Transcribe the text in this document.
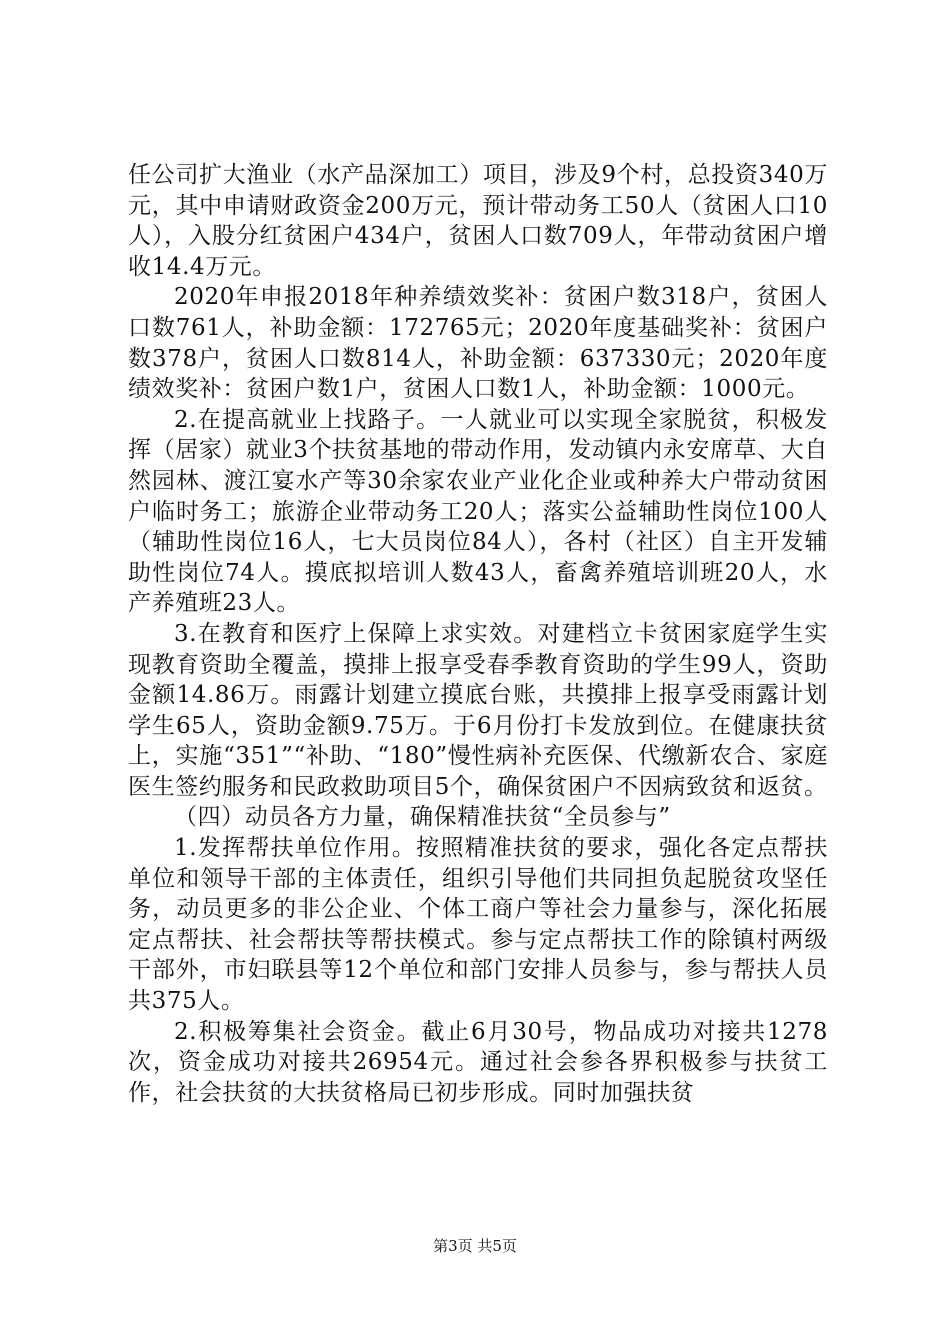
任公司扩大渔业（水产品深加工）项目，涉及9个村，总投资340万元，其中申请财政资金200万元，预计带动务工50人（贫困人口10人），入股分红贫困户434户，贫困人口数709人，年带动贫困户增收14.4万元。

2020年申报2018年种养绩效奖补：贫困户数318户，贫困人口数761人，补助金额：172765元；2020年度基础奖补：贫困户数378户，贫困人口数814人，补助金额：637330元；2020年度绩效奖补：贫困户数1户，贫困人口数1人，补助金额：1000元。

2.在提高就业上找路子。一人就业可以实现全家脱贫，积极发挥（居家）就业3个扶贫基地的带动作用，发动镇内永安席草、大自然园林、渡江宴水产等30余家农业产业化企业或种养大户带动贫困户临时务工；旅游企业带动务工20人；落实公益辅助性岗位100人（辅助性岗位16人，七大员岗位84人），各村（社区）自主开发辅助性岗位74人。摸底拟培训人数43人，畜禽养殖培训班20人，水产养殖班23人。

3.在教育和医疗上保障上求实效。对建档立卡贫困家庭学生实现教育资助全覆盖，摸排上报享受春季教育资助的学生99人，资助金额14.86万。雨露计划建立摸底台账，共摸排上报享受雨露计划学生65人，资助金额9.75万。于6月份打卡发放到位。在健康扶贫上，实施“351”“补助、“180”慢性病补充医保、代缴新农合、家庭医生签约服务和民政救助项目5个，确保贫困户不因病致贫和返贫。

（四）动员各方力量，确保精准扶贫“全员参与”

1.发挥帮扶单位作用。按照精准扶贫的要求，强化各定点帮扶单位和领导干部的主体责任，组织引导他们共同担负起脱贫攻坚任务，动员更多的非公企业、个体工商户等社会力量参与，深化拓展定点帮扶、社会帮扶等帮扶模式。参与定点帮扶工作的除镇村两级干部外，市妇联县等12个单位和部门安排人员参与，参与帮扶人员共375人。

2.积极筹集社会资金。截止6月30号，物品成功对接共1278次，资金成功对接共26954元。通过社会参各界积极参与扶贫工作，社会扶贫的大扶贫格局已初步形成。同时加强扶贫

第3页 共5页
